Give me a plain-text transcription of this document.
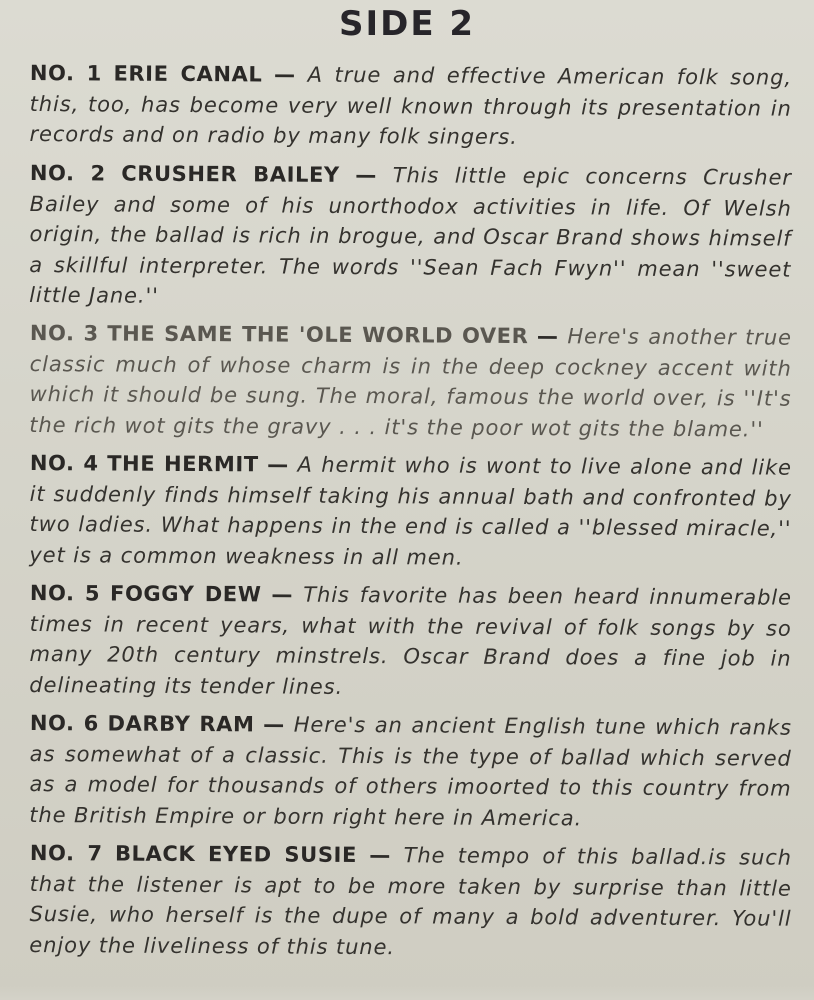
SIDE 2

NO. 1 ERIE CANAL — A true and effective American folk song, this, too, has become very well known through its presentation in records and on radio by many folk singers.

NO. 2 CRUSHER BAILEY — This little epic concerns Crusher Bailey and some of his unorthodox activities in life. Of Welsh origin, the ballad is rich in brogue, and Oscar Brand shows himself a skillful interpreter. The words ''Sean Fach Fwyn'' mean ''sweet little Jane.''

NO. 3 THE SAME THE 'OLE WORLD OVER — Here's another true classic much of whose charm is in the deep cockney accent with which it should be sung. The moral, famous the world over, is ''It's the rich wot gits the gravy . . . it's the poor wot gits the blame.''

NO. 4 THE HERMIT — A hermit who is wont to live alone and like it suddenly finds himself taking his annual bath and confronted by two ladies. What happens in the end is called a ''blessed miracle,'' yet is a common weakness in all men.

NO. 5 FOGGY DEW — This favorite has been heard innumerable times in recent years, what with the revival of folk songs by so many 20th century minstrels. Oscar Brand does a fine job in delineating its tender lines.

NO. 6 DARBY RAM — Here's an ancient English tune which ranks as somewhat of a classic. This is the type of ballad which served as a model for thousands of others imoorted to this country from the British Empire or born right here in America.

NO. 7 BLACK EYED SUSIE — The tempo of this ballad.is such that the listener is apt to be more taken by surprise than little Susie, who herself is the dupe of many a bold adventurer. You'll enjoy the liveliness of this tune.
